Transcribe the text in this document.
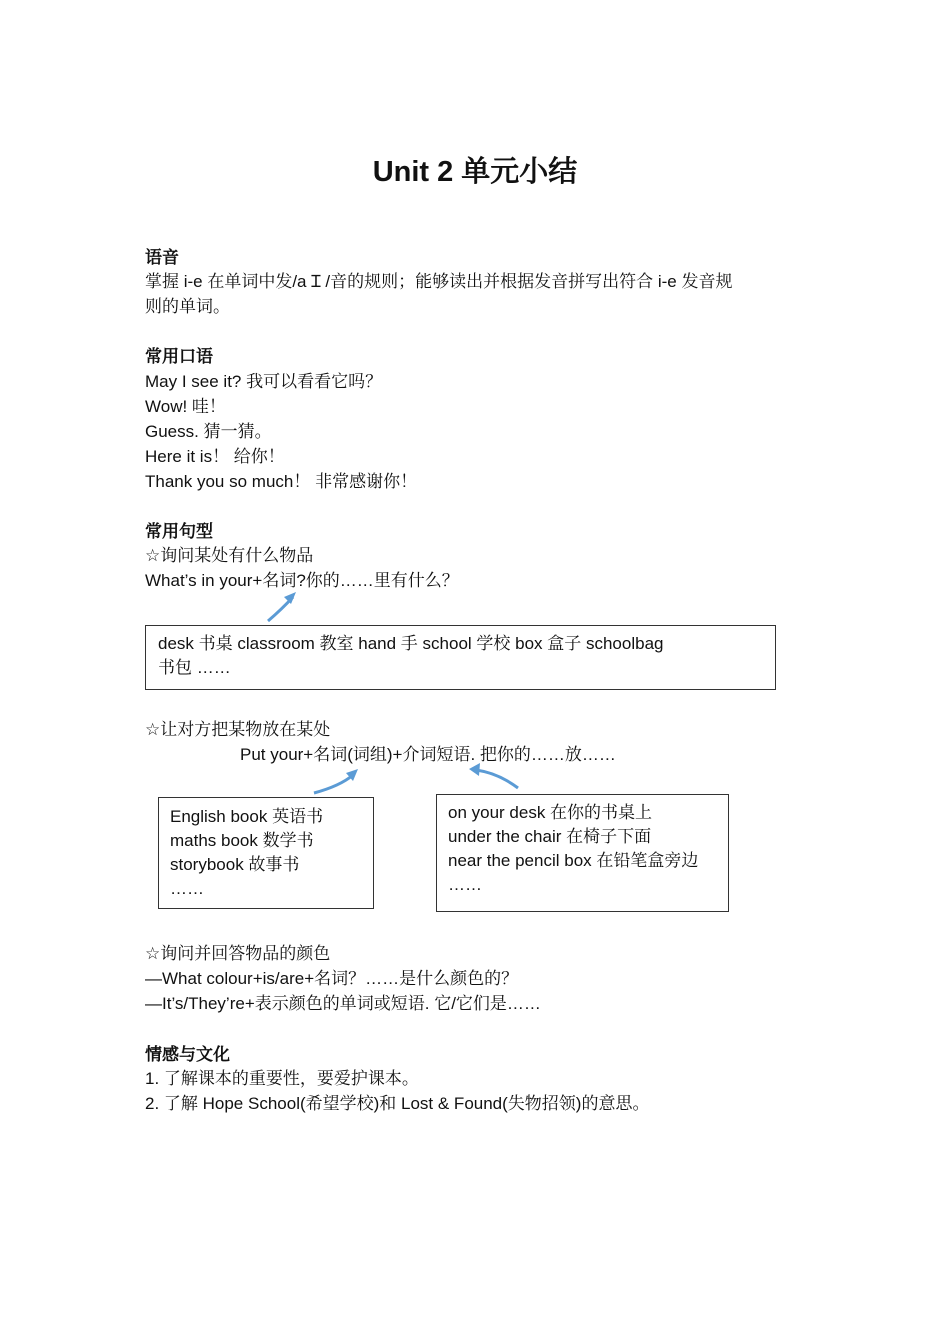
Unit 2 单元小结
语音
掌握 i-e 在单词中发/a Ɪ /音的规则；能够读出并根据发音拼写出符合 i-e 发音规
则的单词。
常用口语
May I see it? 我可以看看它吗？
Wow! 哇！
Guess. 猜一猜。
Here it is！ 给你！
Thank you so much！ 非常感谢你！
常用句型
☆询问某处有什么物品
What’s in your+名词?你的……里有什么？
desk 书桌 classroom 教室 hand 手 school 学校 box 盒子 schoolbag
书包 ……
☆让对方把某物放在某处
Put your+名词(词组)+介词短语. 把你的……放……
English book 英语书
maths book 数学书
storybook 故事书
……
on your desk 在你的书桌上
under the chair 在椅子下面
near the pencil box 在铅笔盒旁边
……
☆询问并回答物品的颜色
—What colour+is/are+名词？……是什么颜色的？
—It’s/They’re+表示颜色的单词或短语. 它/它们是……
情感与文化
1. 了解课本的重要性，要爱护课本。
2. 了解 Hope School(希望学校)和 Lost & Found(失物招领)的意思。
